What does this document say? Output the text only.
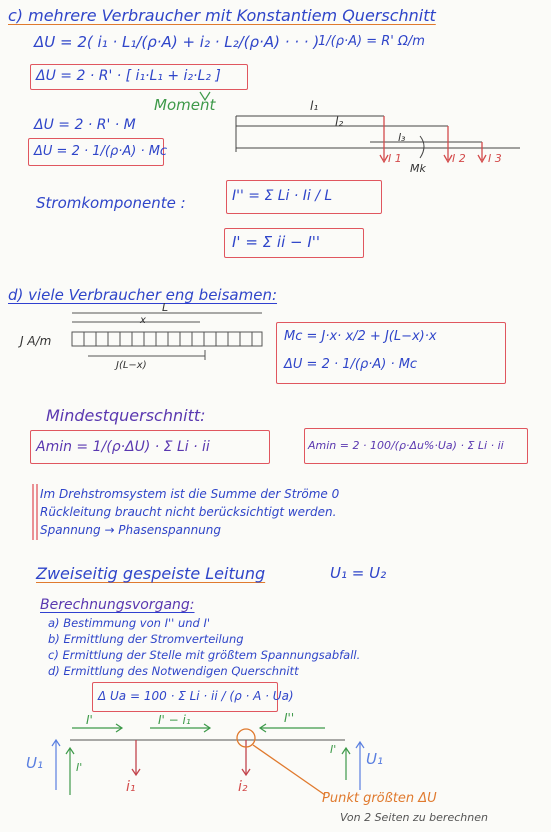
c) mehrere Verbraucher mit Konstantiem Querschnitt
ΔU = 2( i₁ · L₁/(ρ·A) + i₂ · L₂/(ρ·A) · · · )
1/(ρ·A) = R' Ω/m
ΔU = 2 · R' · [ i₁·L₁ + i₂·L₂ ]
Moment
ΔU = 2 · R' · M
ΔU = 2 · 1/(ρ·A) · Mc
l₁
l₂
l₃
Mk
I 1	I 2 I 3
Stromkomponente :	I'' = Σ Li · Ii / L
I' = Σ ii − I''
d) viele Verbraucher eng beisamen:
J A/m
L
x
J(L−x)
Mc = J·x· x/2 + J(L−x)·x
ΔU = 2 · 1/(ρ·A) · Mc
Mindestquerschnitt:
Amin = 1/(ρ·ΔU) · Σ Li · ii	Amin = 2 · 100/(ρ·Δu%·Ua) · Σ Li · ii
Im Drehstromsystem ist die Summe der Ströme 0
Rückleitung braucht nicht berücksichtigt werden.
Spannung → Phasenspannung
Zweiseitig gespeiste Leitung	U₁ = U₂
Berechnungsvorgang:
a) Bestimmung von I'' und I'
b) Ermittlung der Stromverteilung
c) Ermittlung der Stelle mit größtem Spannungsabfall.
d) Ermittlung des Notwendigen Querschnitt
Δ Ua = 100 · Σ Li · ii / (ρ · A · Ua)
I'	I' − i₁	I''
U₁	U₁
I'
I'
i₁	i₂
Punkt größten ΔU
Von 2 Seiten zu berechnen
